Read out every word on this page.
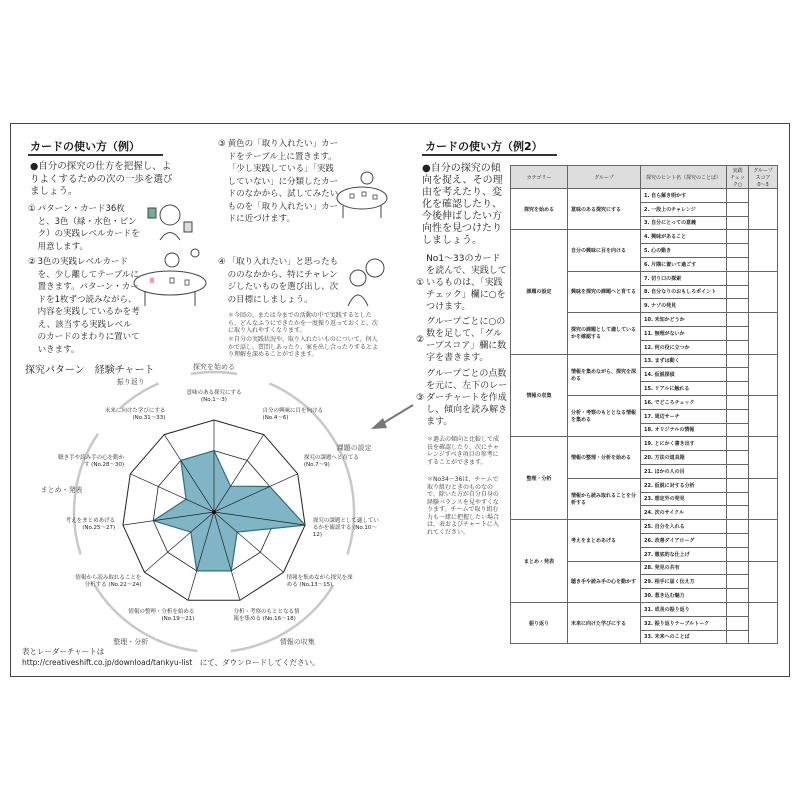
カードの使い方（例）
●自分の探究の仕方を把握し、よりよくするための次の一歩を選びましょう。
① パターン・カード36枚と、3色（緑・水色・ピンク）の実践レベルカードを用意します。
② 3色の実践レベルカードを、少し離してテーブルに置きます。パターン・カードを1枚ずつ読みながら、内容を実践しているかを考え、該当する実践レベルのカードのまわりに置いていきます。
③ 黄色の「取り入れたい」カードをテーブル上に置きます。「少し実践している」「実践していない」に分類したカードのなかから、試してみたいものを「取り入れたい」カードに近づけます。
④ 「取り入れたい」と思ったもののなかから、特にチャレンジしたいものを選び出し、次の目標にしましょう。
＊今回の、または今までの活動の中で実践するとしたら、どんなふうにできたかを一度振り返っておくと、次に取り入れやすくなります。
＊自分の実践状況や、取り入れたいものについて、何人かで話し、質問しあったり、案を出し合ったりするとより理解を深めることができます。
探究パターン　経験チャート	探究を始める
課題の設定
情報の収集
整理・分析
まとめ・発表
振り返り
意味のある探究にする (No.1〜3)
自分の興味に目を向ける (No.4〜6)
探究の課題へと育てる (No.7〜9)
探究の課題として適しているかを確認する (No.10〜12)
情報を集めながら探究を深める (No.13〜15)
分析・考察のもととなる情報を集める (No.16〜18)
情報の整理・分析を始める (No.19〜21)
情報から読み取れることを分析する (No.22〜24)
考えをまとめあげる (No.25〜27)
聴き手や読み手の心を動かす (No.28〜30)
未来に向けた学びにする (No.31〜33)
表とレーダーチャートは
http://creativeshift.co.jp/download/tankyu-list　にて、ダウンロードしてください。
カードの使い方（例2）
●自分の探究の傾向を捉え、その理由を考えたり、変化を確認したり、今後伸ばしたい方向性を見つけたりしましょう。
①
No1〜33のカードを読んで、実践しているものは、「実践チェック」欄に○をつけます。
②
グループごとに○の数を足して、「グループスコア」欄に数字を書きます。
③
グループごとの点数を元に、左下のレーダーチャートを作成し、傾向を読み解きます。
＊過去の傾向と比較して成長を確認したり、次にチャレンジすべき項目の参考にすることができます。
＊No34〜36は、チームで取り組むときのものなので、除いた方が自分自身の経験バランスを見やすくなります。チームで取り組む力も一緒に把握したい場合は、表およびチャートに入れてください。
カテゴリー	グループ	探究のヒント名（探究のことば）	実践チェック○	グループスコア0〜3
探究を始める	意味のある探究にする	1. 自ら解き明かす		
		2. 一段上のチャレンジ		
		3. 自分にとっての意義		
課題の設定	自分の興味に目を向ける	4. 興味があること		
		5. 心の動き		
		6. 片隅に置いて過ごす		
	興味を探究の課題へと育てる	7. 切り口の探索		
		8. 自分なりのおもしろポイント		
		9. ナゾの発見		
	探究の課題として適しているかを確認する	10. 未知かどうか		
		11. 無理がないか		
		12. 何の役に立つか		
情報の収集	情報を集めながら、探究を深める	13. まずは動く		
		14. 仮説探偵		
		15. リアルに触れる		
	分析・考察のもととなる情報を集める	16. でどころチェック		
		17. 周辺サーチ		
		18. オリジナルの情報		
整理・分析	情報の整理・分析を始める	19. とにかく書き出す		
		20. 方法の道具箱		
		21. ほかの人の目		
	情報から読み取れることを分析する	22. 仮説に対する分析		
		23. 想定外の発見		
		24. 次のサイクル		
まとめ・発表	考えをまとめあげる	25. 自分を入れる		
		26. 改善ダイアローグ		
		27. 徹底的な仕上げ		
	聴き手や読み手の心を動かす	28. 発見の共有		
		29. 相手に届く伝え方		
		30. 惹き込む魅力		
振り返り	未来に向けた学びにする	31. 成長の振り返り		
		32. 振り返りテーブルトーク		
		33. 未来へのことば		
